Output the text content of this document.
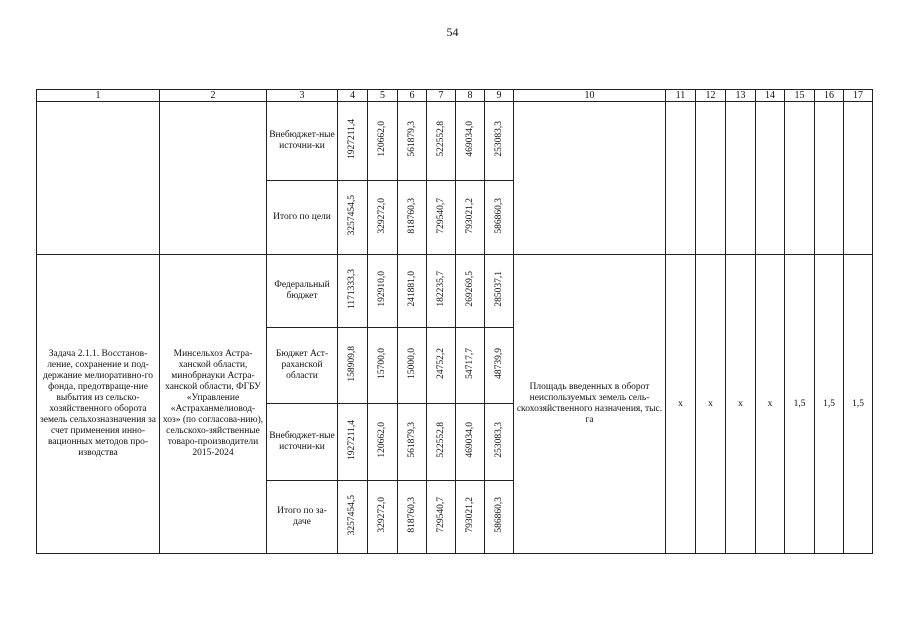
54
1	2	3	4	5	6	7	8	9	10	11	12	13	14	15	16	17
		Внебюджет-ные источни-ки	1927211,4	120662,0	561879,3	522552,8	469034,0	253083,3								
		Итого по цели	3257454,5	329272,0	818760,3	729540,7	793021,2	586860,3								
Задача 2.1.1. Восстанов-ление, сохранение и под-держание мелиоративно-го фонда, предотвраще-ние выбытия из сельско-хозяйственного оборота земель сельхозназначения за счет применения инно-вационных методов про-изводства	Минсельхоз Астра-ханской области, минобрнауки Астра-ханской области, ФГБУ «Управление «Астраханмелиовод-хоз» (по согласова-нию), сельскохо-зяйственные товаро-производители 2015-2024	Федеральный бюджет	1171333,3	192910,0	241881,0	182235,7	269269,5	285037,1	Площадь введенных в оборот неиспользуемых земель сель-скохозяйственного назначения, тыс. га	х	х	х	х	1,5	1,5	1,5
		Бюджет Аст-раханской области	158909,8	15700,0	15000,0	24752,2	54717,7	48739,9								
		Внебюджет-ные источни-ки	1927211,4	120662,0	561879,3	522552,8	469034,0	253083,3								
		Итого по за-даче	3257454,5	329272,0	818760,3	729540,7	793021,2	586860,3								
